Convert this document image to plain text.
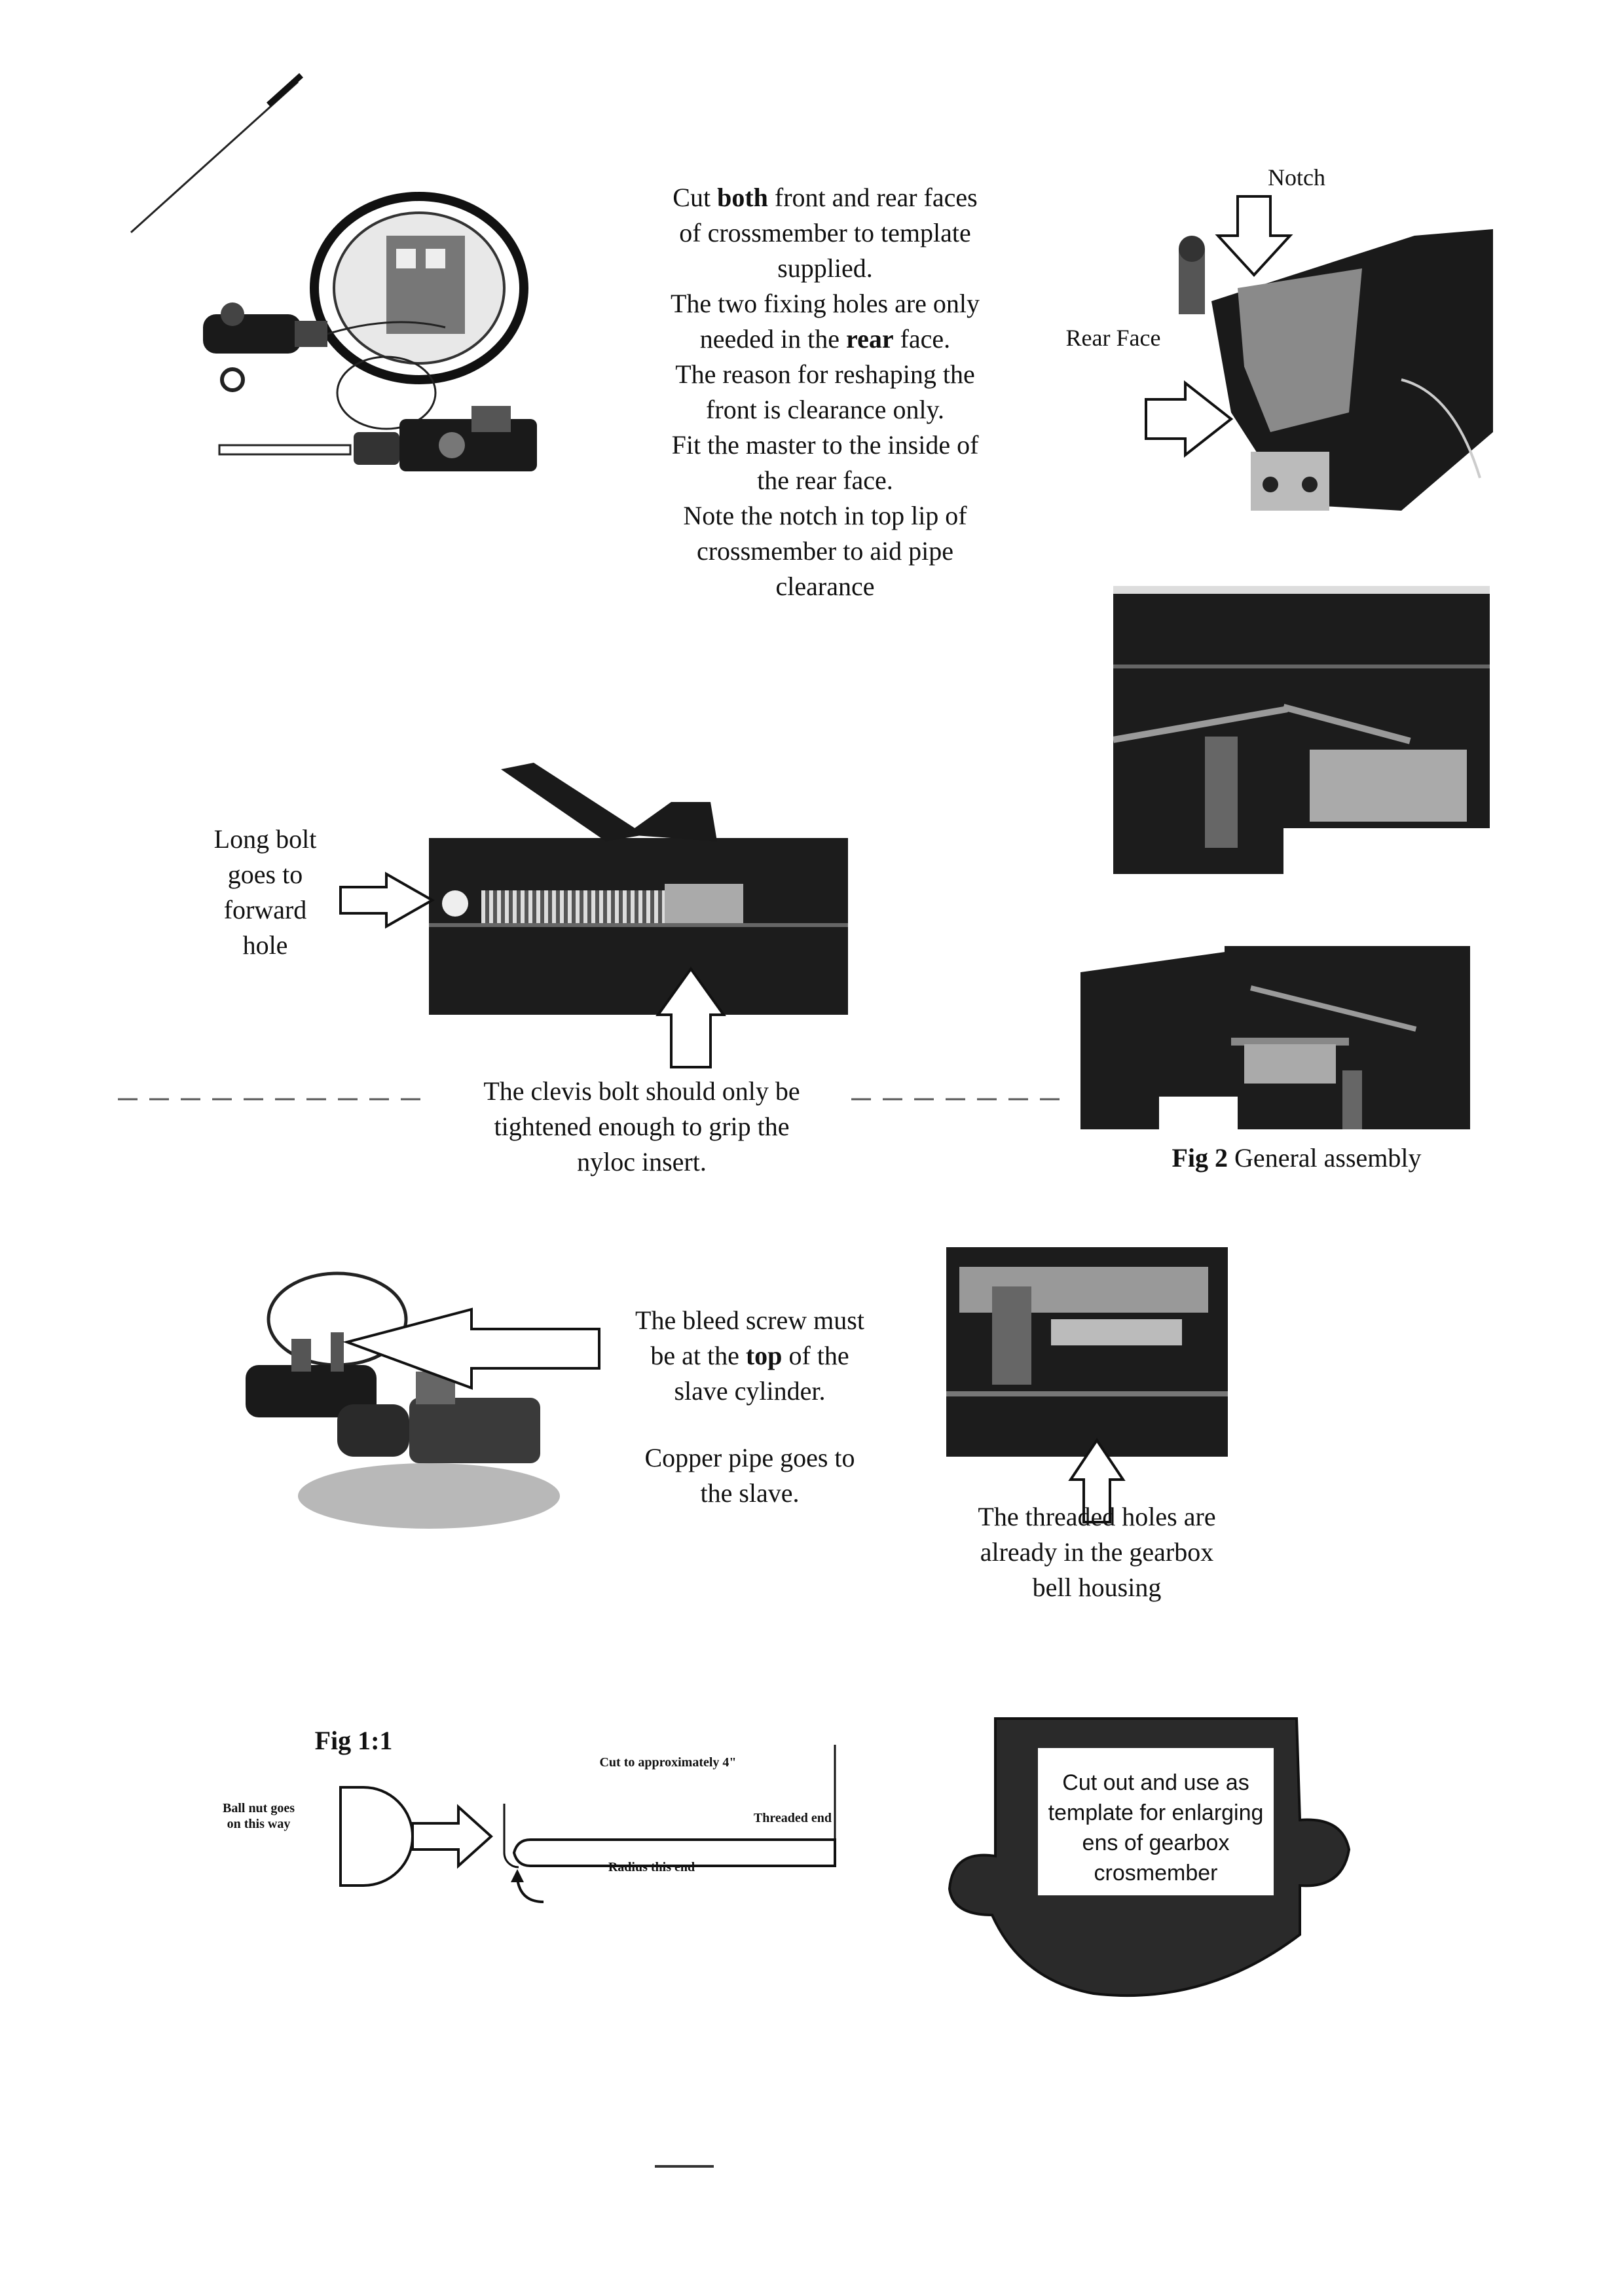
Cut both front and rear faces
of crossmember to template
supplied.
The two fixing holes are only
needed in the rear face.
The reason for reshaping the
front is clearance only.
Fit the master to the inside of
the rear face.
Note the notch in top lip of
crossmember to aid pipe
clearance
Notch
Rear Face
Fig 2 General assembly
Long bolt
goes to
forward
hole
The clevis bolt should only be
tightened enough to grip the
nyloc insert.
The bleed screw must
be at the top of the
slave cylinder.
Copper pipe goes to
the slave.
The threaded holes are
already in the gearbox
bell housing
Fig 1:1
Ball nut goes
on this way
Cut to approximately 4"
Threaded end
Radius this end
Cut out and use as
template for enlarging
ens of gearbox
crosmember
